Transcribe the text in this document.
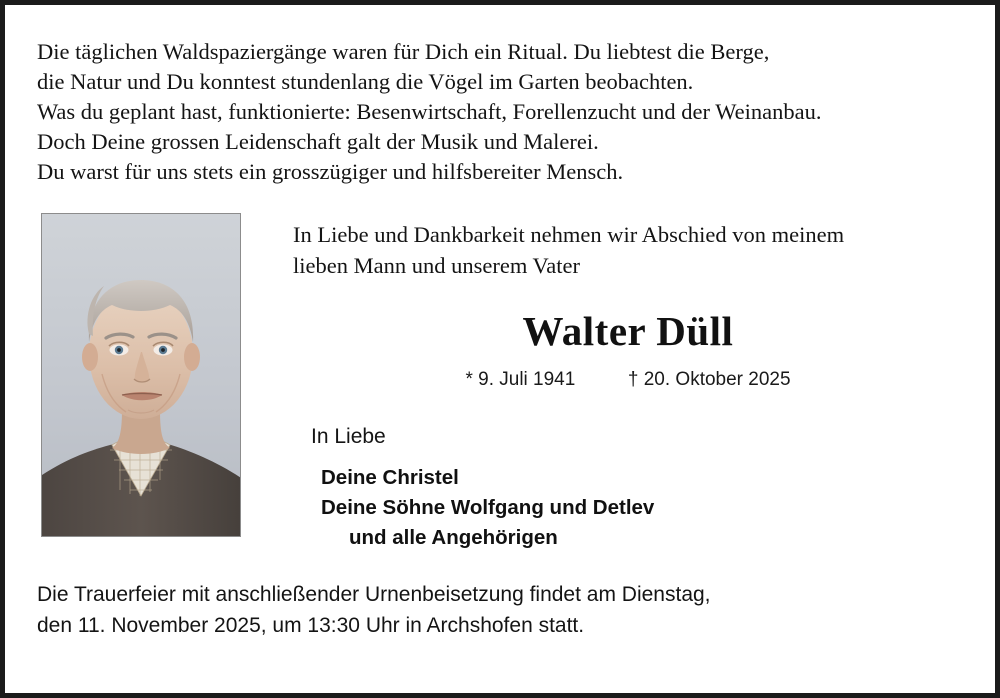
Die täglichen Waldspaziergänge waren für Dich ein Ritual. Du liebtest die Berge,
die Natur und Du konntest stundenlang die Vögel im Garten beobachten.
Was du geplant hast, funktionierte: Besenwirtschaft, Forellenzucht und der Weinanbau.
Doch Deine grossen Leidenschaft galt der Musik und Malerei.
Du warst für uns stets ein grosszügiger und hilfsbereiter Mensch.
In Liebe und Dankbarkeit nehmen wir Abschied von meinem
lieben Mann und unserem Vater
Walter Düll
* 9. Juli 1941	† 20. Oktober 2025
In Liebe
Deine Christel
Deine Söhne Wolfgang und Detlev
und alle Angehörigen
Die Trauerfeier mit anschließender Urnenbeisetzung findet am Dienstag,
den 11. November 2025, um 13:30 Uhr in Archshofen statt.
